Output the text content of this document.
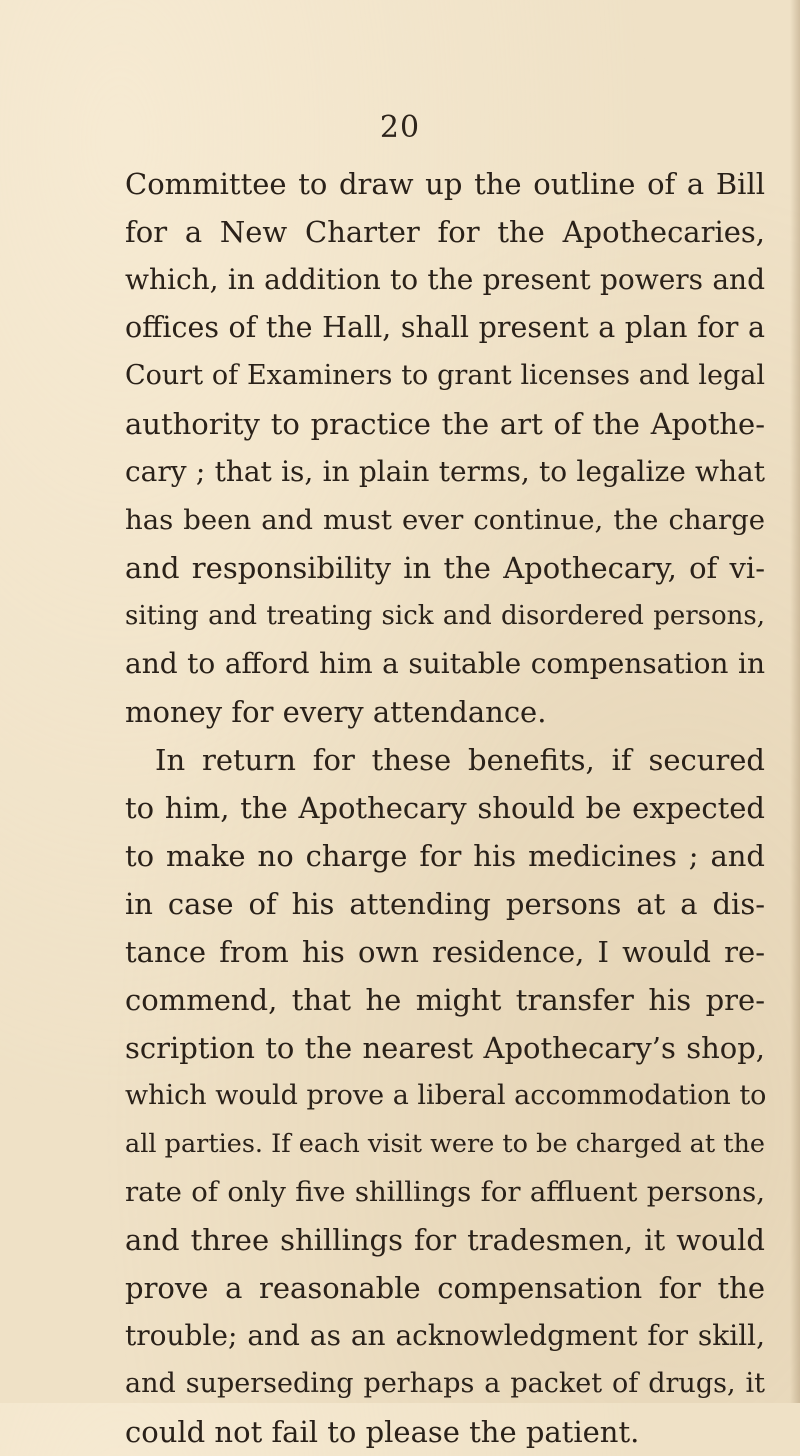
20
Committee to draw up the outline of a Bill
for a New Charter for the Apothecaries,
which, in addition to the present powers and
offices of the Hall, shall present a plan for a
Court of Examiners to grant licenses and legal
authority to practice the art of the Apothe-
cary ; that is, in plain terms, to legalize what
has been and must ever continue, the charge
and responsibility in the Apothecary, of vi-
siting and treating sick and disordered persons,
and to afford him a suitable compensation in
money for every attendance.
In return for these benefits, if secured
to him, the Apothecary should be expected
to make no charge for his medicines ; and
in case of his attending persons at a dis-
tance from his own residence, I would re-
commend, that he might transfer his pre-
scription to the nearest Apothecary’s shop,
which would prove a liberal accommodation to
all parties. If each visit were to be charged at the
rate of only five shillings for affluent persons,
and three shillings for tradesmen, it would
prove a reasonable compensation for the
trouble; and as an acknowledgment for skill,
and superseding perhaps a packet of drugs, it
could not fail to please the patient.
